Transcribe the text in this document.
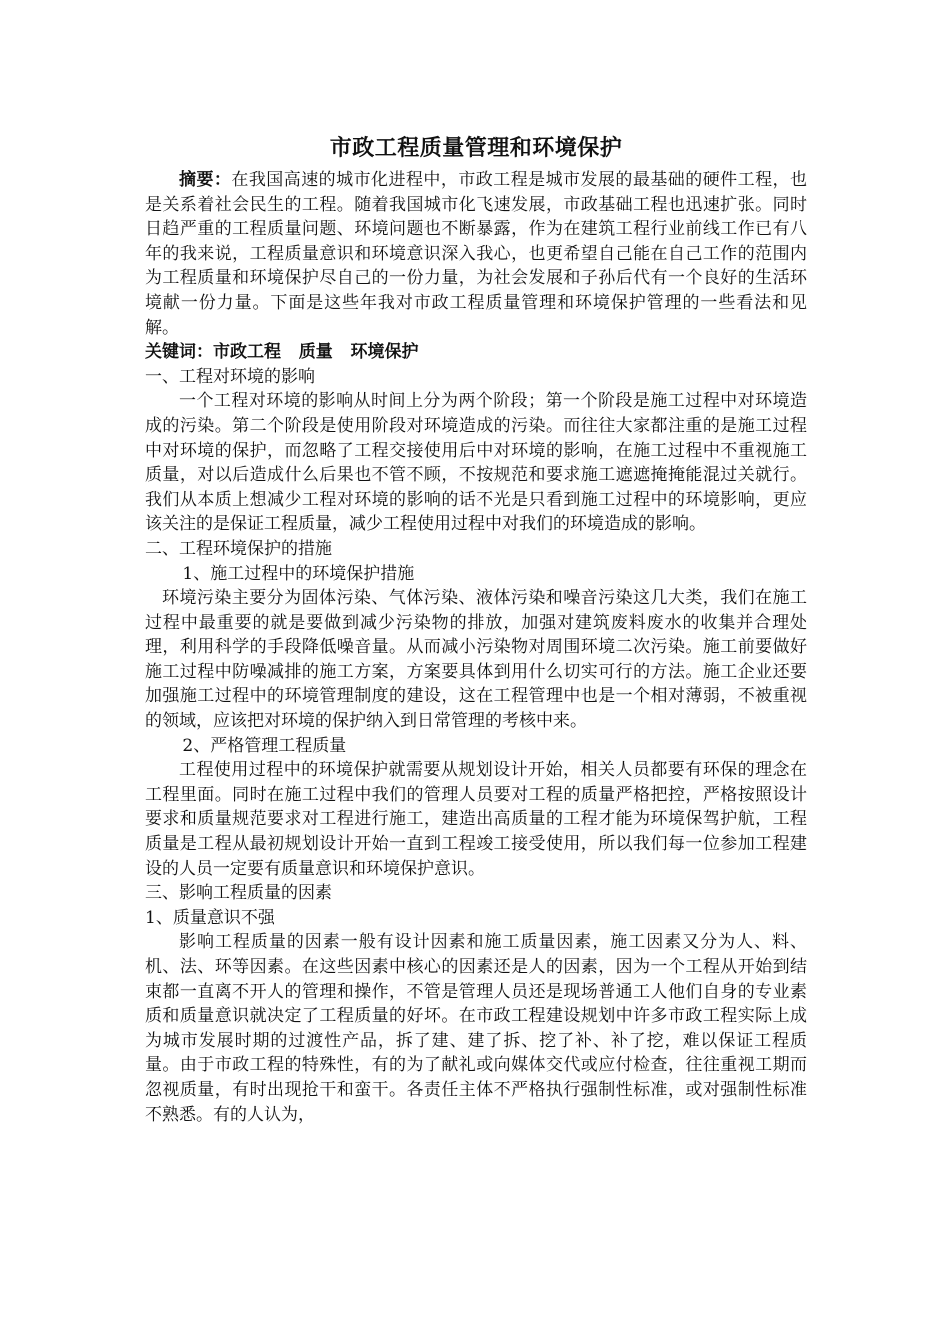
市政工程质量管理和环境保护

摘要：在我国高速的城市化进程中，市政工程是城市发展的最基础的硬件工程，也是关系着社会民生的工程。随着我国城市化飞速发展，市政基础工程也迅速扩张。同时日趋严重的工程质量问题、环境问题也不断暴露，作为在建筑工程行业前线工作已有八年的我来说，工程质量意识和环境意识深入我心，也更希望自己能在自己工作的范围内为工程质量和环境保护尽自己的一份力量，为社会发展和子孙后代有一个良好的生活环境献一份力量。下面是这些年我对市政工程质量管理和环境保护管理的一些看法和见解。

关键词：市政工程   质量   环境保护

一、工程对环境的影响

一个工程对环境的影响从时间上分为两个阶段；第一个阶段是施工过程中对环境造成的污染。第二个阶段是使用阶段对环境造成的污染。而往往大家都注重的是施工过程中对环境的保护，而忽略了工程交接使用后中对环境的影响，在施工过程中不重视施工质量，对以后造成什么后果也不管不顾，不按规范和要求施工遮遮掩掩能混过关就行。我们从本质上想减少工程对环境的影响的话不光是只看到施工过程中的环境影响，更应该关注的是保证工程质量，减少工程使用过程中对我们的环境造成的影响。

二、工程环境保护的措施

1、施工过程中的环境保护措施

环境污染主要分为固体污染、气体污染、液体污染和噪音污染这几大类，我们在施工过程中最重要的就是要做到减少污染物的排放，加强对建筑废料废水的收集并合理处理，利用科学的手段降低噪音量。从而减小污染物对周围环境二次污染。施工前要做好施工过程中防噪减排的施工方案，方案要具体到用什么切实可行的方法。施工企业还要加强施工过程中的环境管理制度的建设，这在工程管理中也是一个相对薄弱，不被重视的领域，应该把对环境的保护纳入到日常管理的考核中来。

2、严格管理工程质量

工程使用过程中的环境保护就需要从规划设计开始，相关人员都要有环保的理念在工程里面。同时在施工过程中我们的管理人员要对工程的质量严格把控，严格按照设计要求和质量规范要求对工程进行施工，建造出高质量的工程才能为环境保驾护航，工程质量是工程从最初规划设计开始一直到工程竣工接受使用，所以我们每一位参加工程建设的人员一定要有质量意识和环境保护意识。

三、影响工程质量的因素

1、质量意识不强

影响工程质量的因素一般有设计因素和施工质量因素，施工因素又分为人、料、机、法、环等因素。在这些因素中核心的因素还是人的因素，因为一个工程从开始到结束都一直离不开人的管理和操作，不管是管理人员还是现场普通工人他们自身的专业素质和质量意识就决定了工程质量的好坏。在市政工程建设规划中许多市政工程实际上成为城市发展时期的过渡性产品，拆了建、建了拆、挖了补、补了挖，难以保证工程质量。由于市政工程的特殊性，有的为了献礼或向媒体交代或应付检查，往往重视工期而忽视质量，有时出现抢干和蛮干。各责任主体不严格执行强制性标准，或对强制性标准不熟悉。有的人认为，
